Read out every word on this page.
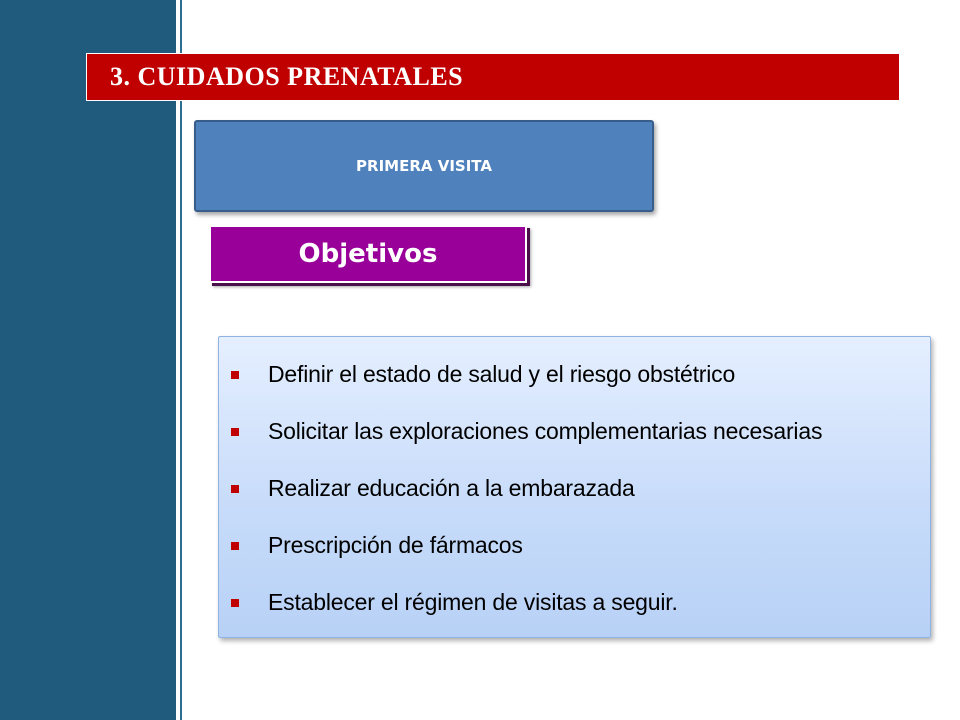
3. CUIDADOS PRENATALES
PRIMERA VISITA
Objetivos
Definir el estado de salud y el riesgo obstétrico
Solicitar las exploraciones complementarias necesarias
Realizar educación a la embarazada
Prescripción de fármacos
Establecer el régimen de visitas a seguir.
